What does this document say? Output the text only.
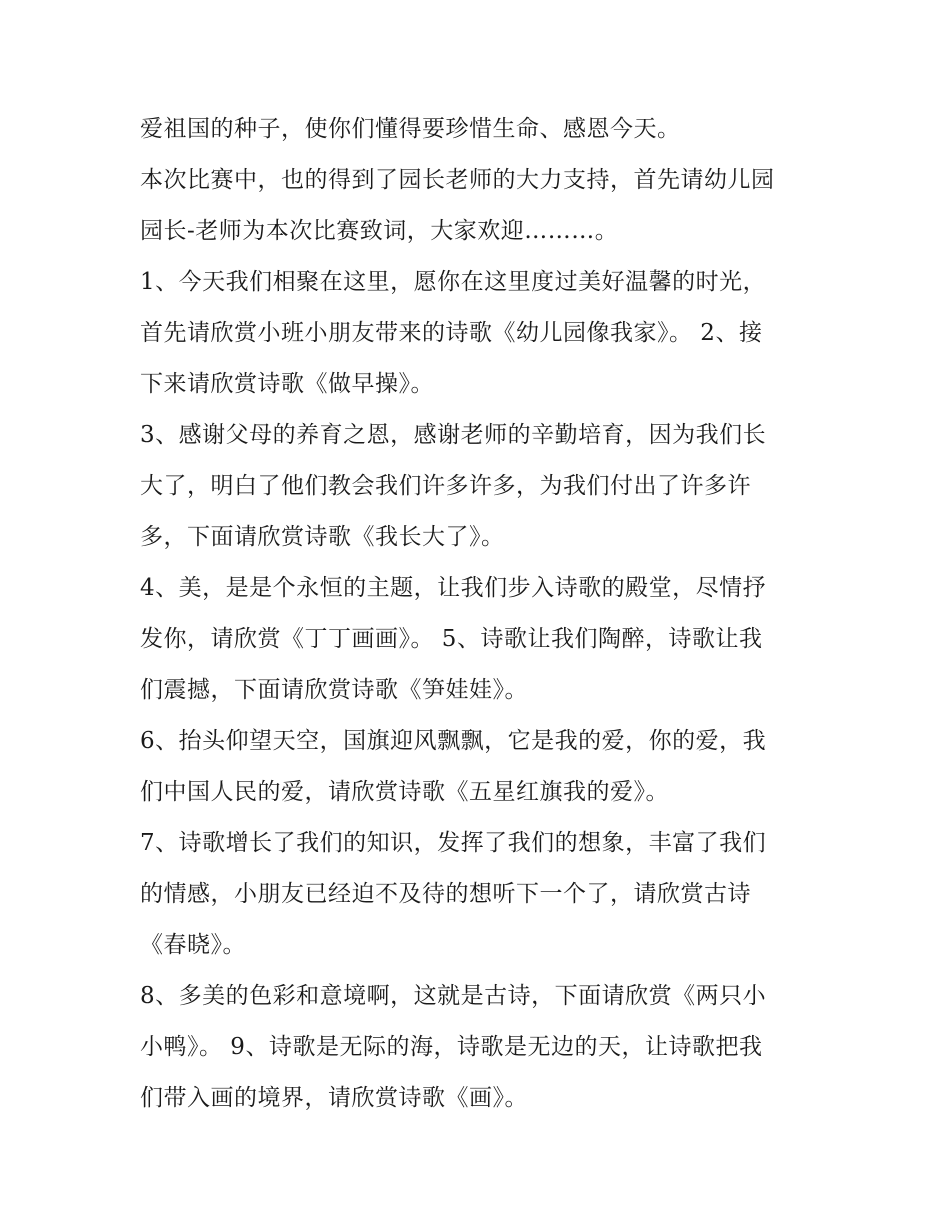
爱祖国的种子，使你们懂得要珍惜生命、感恩今天。

本次比赛中，也的得到了园长老师的大力支持，首先请幼儿园
园长-老师为本次比赛致词，大家欢迎………。

1、今天我们相聚在这里，愿你在这里度过美好温馨的时光，
首先请欣赏小班小朋友带来的诗歌《幼儿园像我家》。 2、接
下来请欣赏诗歌《做早操》。

3、感谢父母的养育之恩，感谢老师的辛勤培育，因为我们长
大了，明白了他们教会我们许多许多，为我们付出了许多许
多，下面请欣赏诗歌《我长大了》。

4、美，是是个永恒的主题，让我们步入诗歌的殿堂，尽情抒
发你，请欣赏《丁丁画画》。 5、诗歌让我们陶醉，诗歌让我
们震撼，下面请欣赏诗歌《笋娃娃》。

6、抬头仰望天空，国旗迎风飘飘，它是我的爱，你的爱，我
们中国人民的爱，请欣赏诗歌《五星红旗我的爱》。

7、诗歌增长了我们的知识，发挥了我们的想象，丰富了我们
的情感，小朋友已经迫不及待的想听下一个了，请欣赏古诗
《春晓》。

8、多美的色彩和意境啊，这就是古诗，下面请欣赏《两只小
小鸭》。 9、诗歌是无际的海，诗歌是无边的天，让诗歌把我
们带入画的境界，请欣赏诗歌《画》。
